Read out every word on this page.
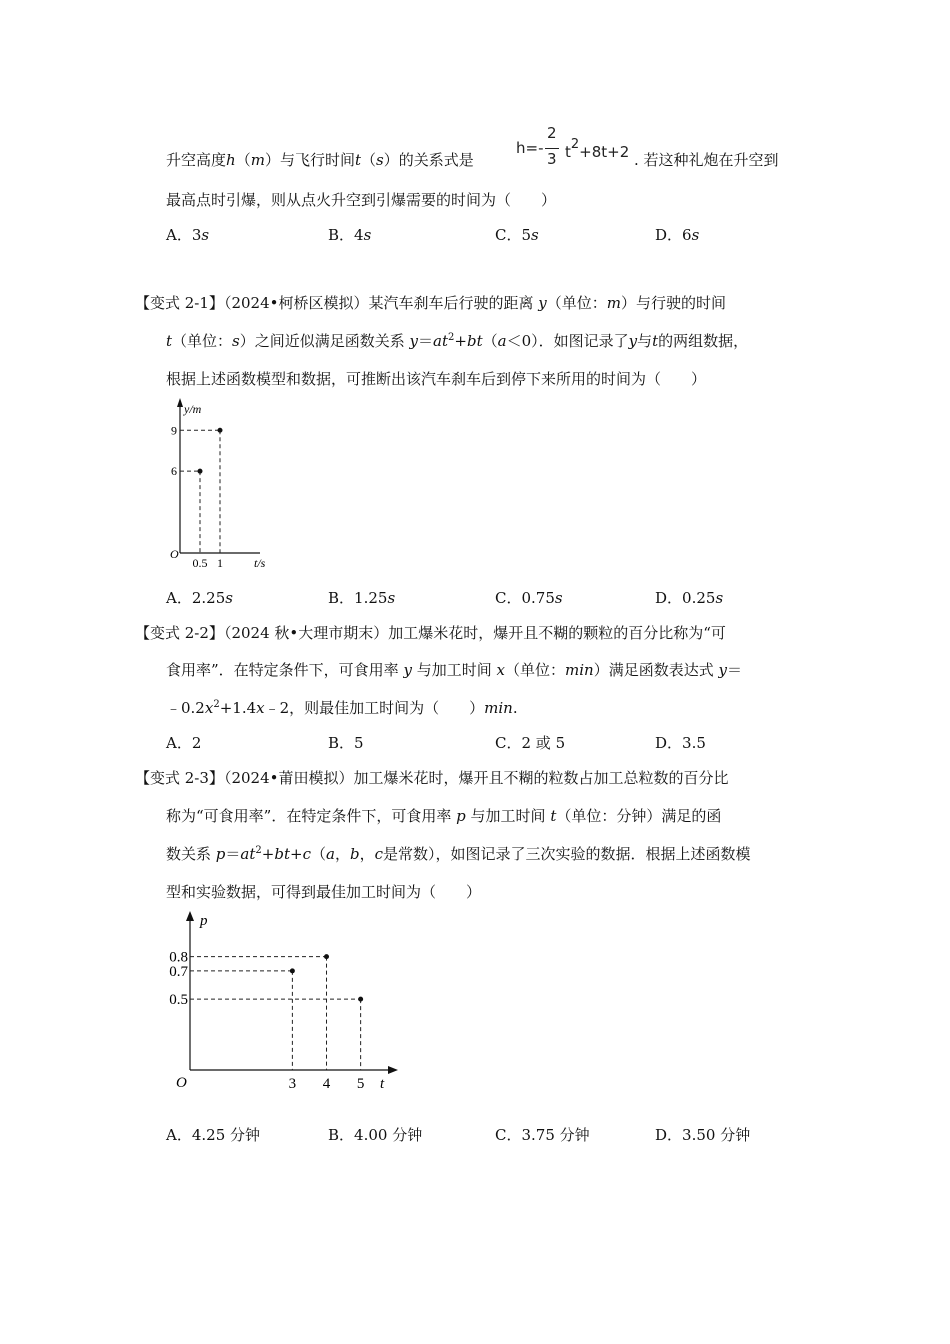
升空高度h（m）与飞行时间t（s）的关系式是
h=-
2
3 t2+8t+2 . 若这种礼炮在升空到
最高点时引爆，则从点火升空到引爆需要的时间为（　　）
A．3s	B．4s	C．5s	D．6s
【变式 2-1】（2024•柯桥区模拟）某汽车刹车后行驶的距离 y（单位：m）与行驶的时间
t（单位：s）之间近似满足函数关系 $y=at^2+bt(a<0)$．如图记录了y与t的两组数据，
根据上述函数模型和数据，可推断出该汽车刹车后到停下来所用的时间为（　　）
y/m
t/s
O
0.5 1
6
9
A．2.25s	B．1.25s	C．0.75s	D．0.25s
【变式 2-2】（2024 秋•大理市期末）加工爆米花时，爆开且不糊的颗粒的百分比称为“可
食用率”．在特定条件下，可食用率 y 与加工时间 x（单位：min）满足函数表达式 y＝
$﹣0.2x^2+1.4x﹣2$，则最佳加工时间为（　　）min.
A．2	B．5	C．2 或 5	D．3.5
【变式 2-3】（2024•莆田模拟）加工爆米花时，爆开且不糊的粒数占加工总粒数的百分比
称为“可食用率”．在特定条件下，可食用率 p 与加工时间 t（单位：分钟）满足的函
数关系 $p=at^2+bt+c(a$，b，c是常数），如图记录了三次实验的数据．根据上述函数模
型和实验数据，可得到最佳加工时间为（　　）
p
t
O	3 4 5
0.8
0.7
0.5
A．4.25 分钟	B．4.00 分钟	C．3.75 分钟	D．3.50 分钟
